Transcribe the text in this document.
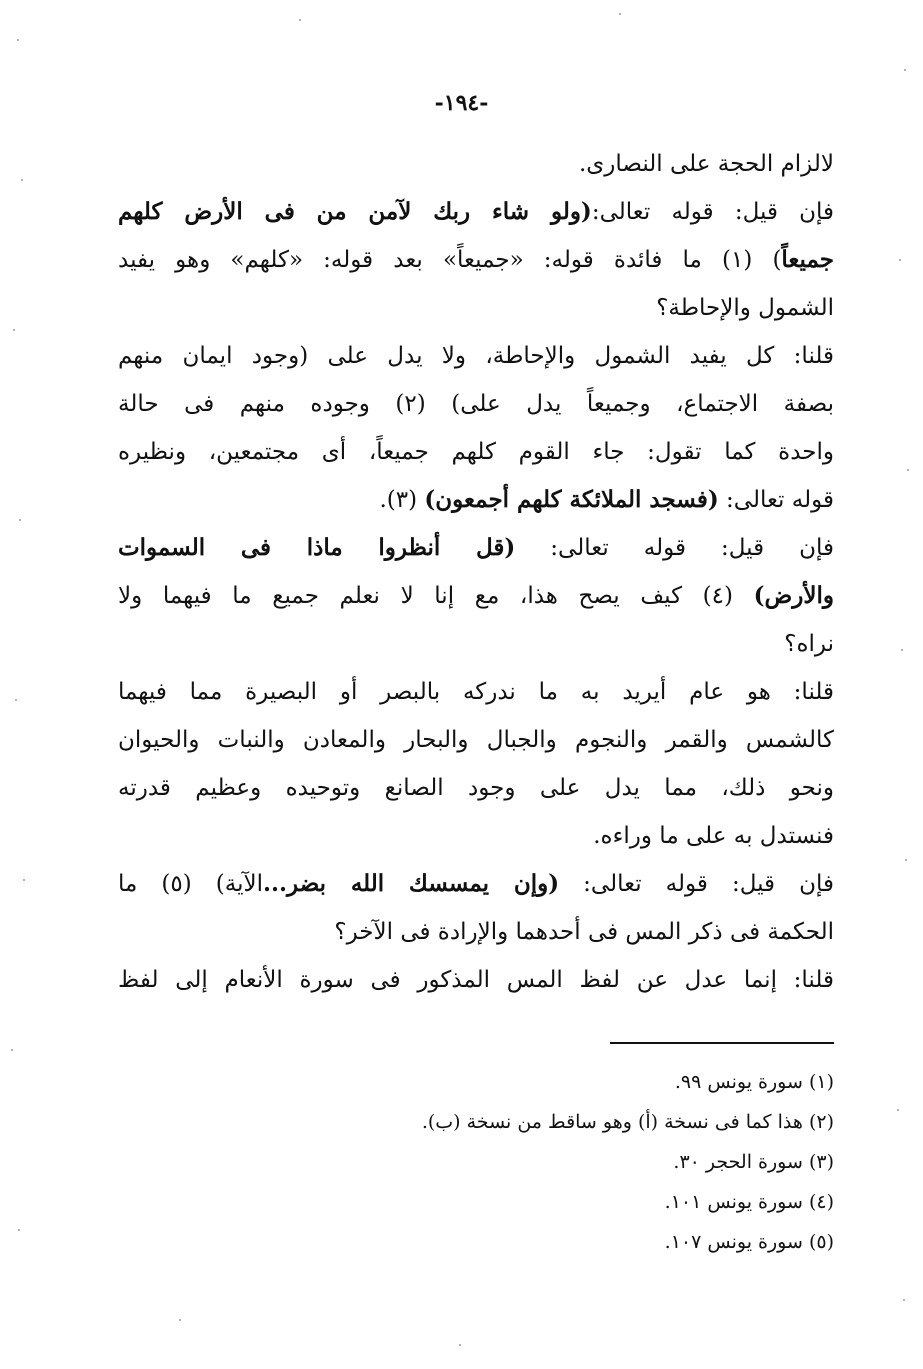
-١٩٤-
لالزام الحجة على النصارى.
فإن قيل: قوله تعالى:(ولو شاء ربك لآمن من فى الأرض كلهم
جميعاً) (١) ما فائدة قوله: «جميعاً» بعد قوله: «كلهم» وهو يفيد
الشمول والإحاطة؟
قلنا: كل يفيد الشمول والإحاطة، ولا يدل على (وجود ايمان منهم
بصفة الاجتماع، وجميعاً يدل على) (٢) وجوده منهم فى حالة
واحدة كما تقول: جاء القوم كلهم جميعاً، أى مجتمعين، ونظيره
قوله تعالى: (فسجد الملائكة كلهم أجمعون) (٣).
فإن قيل: قوله تعالى: (قل أنظروا ماذا فى السموات
والأرض) (٤) كيف يصح هذا، مع إنا لا نعلم جميع ما فيهما ولا
نراه؟
قلنا: هو عام أيريد به ما ندركه بالبصر أو البصيرة مما فيهما
كالشمس والقمر والنجوم والجبال والبحار والمعادن والنبات والحيوان
ونحو ذلك، مما يدل على وجود الصانع وتوحيده وعظيم قدرته
فنستدل به على ما وراءه.
فإن قيل: قوله تعالى: (وإن يمسسك الله بضر...الآية) (٥) ما
الحكمة فى ذكر المس فى أحدهما والإرادة فى الآخر؟
قلنا: إنما عدل عن لفظ المس المذكور فى سورة الأنعام إلى لفظ
(١) سورة يونس ٩٩.
(٢) هذا كما فى نسخة (أ) وهو ساقط من نسخة (ب).
(٣) سورة الحجر ٣٠.
(٤) سورة يونس ١٠١.
(٥) سورة يونس ١٠٧.
